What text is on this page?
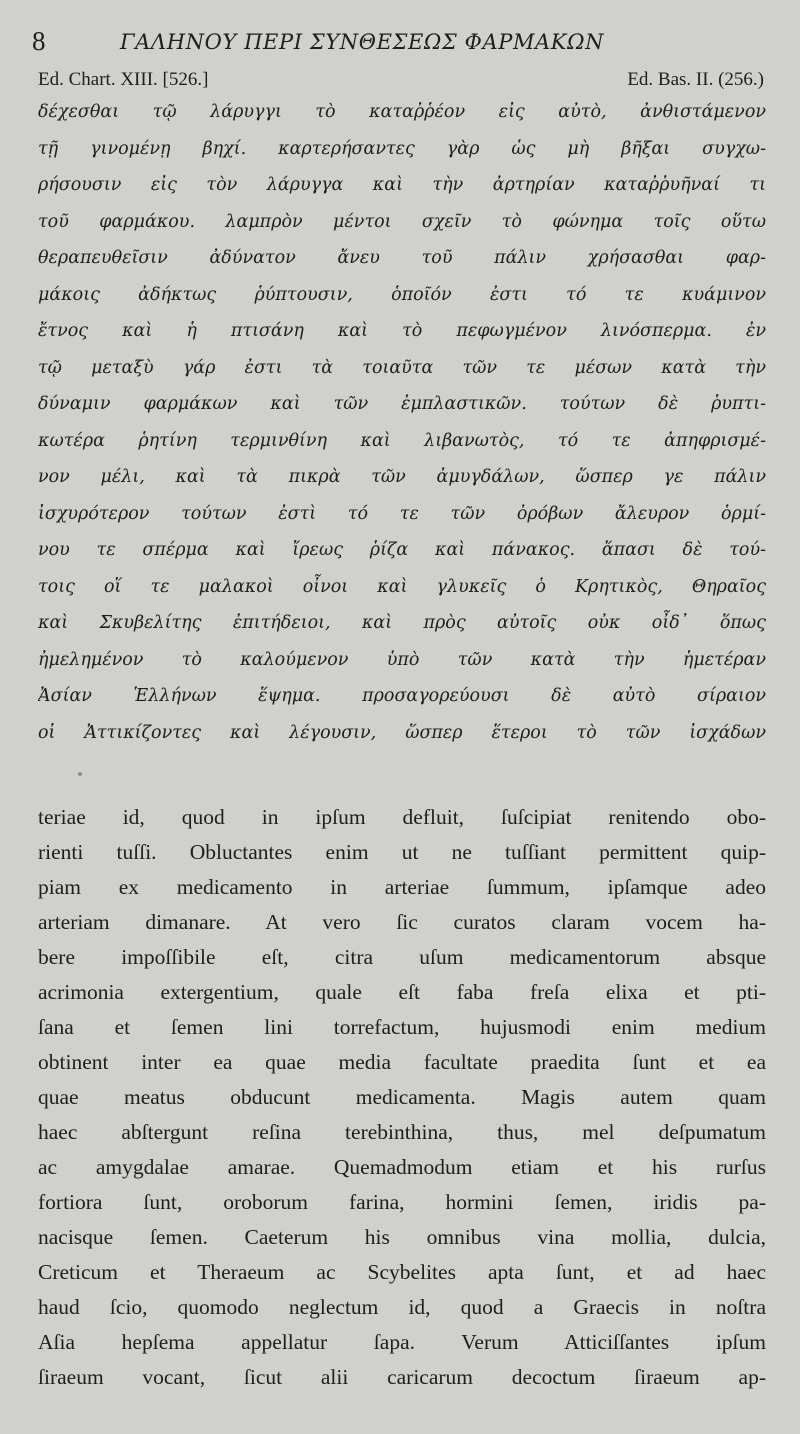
8	ΓΑΛΗΝΟΥ ΠΕΡΙ ΣΥΝΘΕΣΕΩΣ ΦΑΡΜΑΚΩΝ
Ed. Chart. XIII. [526.]	Ed. Bas. II. (256.)
δέχεσθαι τῷ λάρυγγι τὸ καταῤῥέον εἰς αὐτὸ, ἀνθιστάμενον
τῇ γινομένῃ βηχί. καρτερήσαντες γὰρ ὡς μὴ βῆξαι συγχω-
ρήσουσιν εἰς τὸν λάρυγγα καὶ τὴν ἀρτηρίαν καταῤῥυῆναί τι
τοῦ φαρμάκου. λαμπρὸν μέντοι σχεῖν τὸ φώνημα τοῖς οὕτω
θεραπευθεῖσιν ἀδύνατον ἄνευ τοῦ πάλιν χρήσασθαι φαρ-
μάκοις ἀδήκτως ῥύπτουσιν, ὁποῖόν ἐστι τό τε κυάμινον
ἔτνος καὶ ἡ πτισάνη καὶ τὸ πεφωγμένον λινόσπερμα. ἐν
τῷ μεταξὺ γάρ ἐστι τὰ τοιαῦτα τῶν τε μέσων κατὰ τὴν
δύναμιν φαρμάκων καὶ τῶν ἐμπλαστικῶν. τούτων δὲ ῥυπτι-
κωτέρα ῥητίνη τερμινθίνη καὶ λιβανωτὸς, τό τε ἀπηφρισμέ-
νον μέλι, καὶ τὰ πικρὰ τῶν ἀμυγδάλων, ὥσπερ γε πάλιν
ἰσχυρότερον τούτων ἐστὶ τό τε τῶν ὀρόβων ἄλευρον ὁρμί-
νου τε σπέρμα καὶ ἴρεως ῥίζα καὶ πάνακος. ἅπασι δὲ τού-
τοις οἵ τε μαλακοὶ οἶνοι καὶ γλυκεῖς ὁ Κρητικὸς, Θηραῖος
καὶ Σκυβελίτης ἐπιτήδειοι, καὶ πρὸς αὐτοῖς οὐκ οἶδ᾽ ὅπως
ἠμελημένον τὸ καλούμενον ὑπὸ τῶν κατὰ τὴν ἡμετέραν
Ἀσίαν Ἑλλήνων ἕψημα. προσαγορεύουσι δὲ αὐτὸ σίραιον
οἱ Ἀττικίζοντες καὶ λέγουσιν, ὥσπερ ἕτεροι τὸ τῶν ἰσχάδων
teriae id, quod in ipſum defluit, ſuſcipiat renitendo obo-
rienti tuſſi. Obluctantes enim ut ne tuſſiant permittent quip-
piam ex medicamento in arteriae ſummum, ipſamque adeo
arteriam dimanare. At vero ſic curatos claram vocem ha-
bere impoſſibile eſt, citra uſum medicamentorum absque
acrimonia extergentium, quale eſt faba freſa elixa et pti-
ſana et ſemen lini torrefactum, hujusmodi enim medium
obtinent inter ea quae media facultate praedita ſunt et ea
quae meatus obducunt medicamenta. Magis autem quam
haec abſtergunt reſina terebinthina, thus, mel deſpumatum
ac amygdalae amarae. Quemadmodum etiam et his rurſus
fortiora ſunt, oroborum farina, hormini ſemen, iridis pa-
nacisque ſemen. Caeterum his omnibus vina mollia, dulcia,
Creticum et Theraeum ac Scybelites apta ſunt, et ad haec
haud ſcio, quomodo neglectum id, quod a Graecis in noſtra
Aſia hepſema appellatur ſapa. Verum Atticiſſantes ipſum
ſiraeum vocant, ſicut alii caricarum decoctum ſiraeum ap-
